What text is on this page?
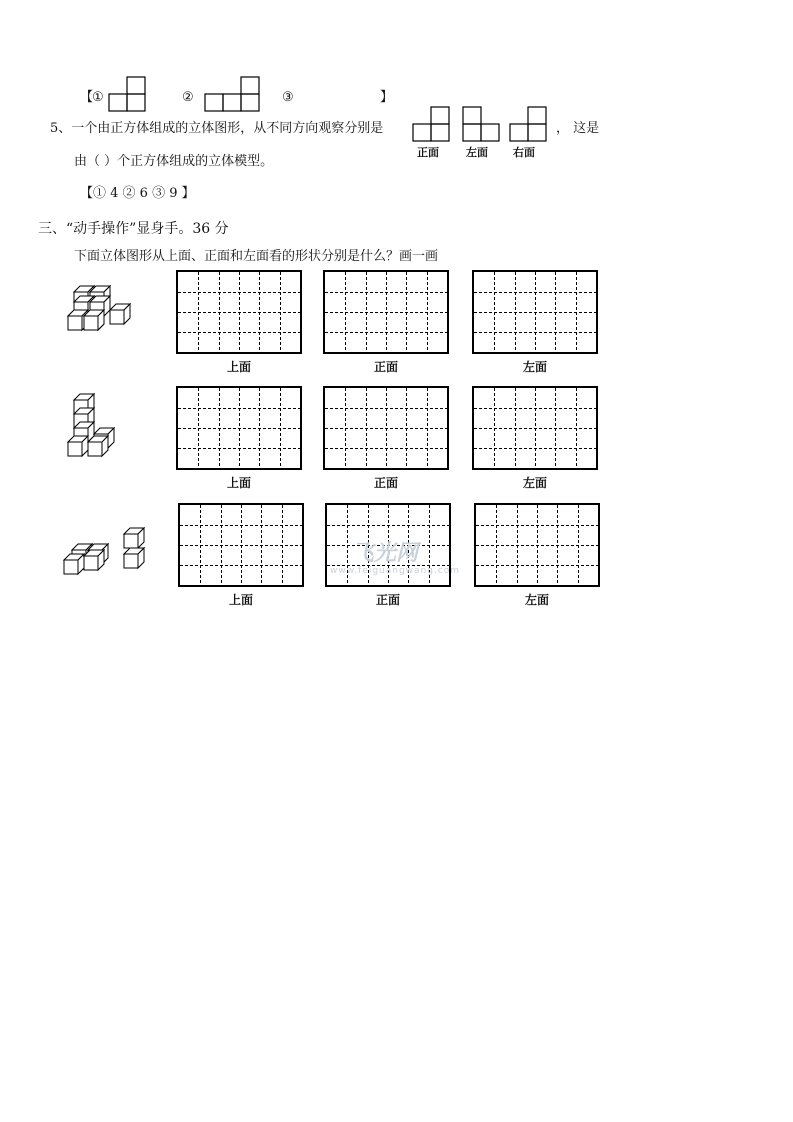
【
①	②	③	】
5、一个由正方体组成的立体图形，从不同方向观察分别是
正面 左面 右面
， 这是
由（ ）个正方体组成的立体模型。
【① 4 ② 6 ③ 9 】
三、“动手操作”显身手。36 分
下面立体图形从上面、正面和左面看的形状分别是什么？画一画
上面	正面	左面
上面	正面	左面
上面	正面	左面
飞光网
www.feiguangwang.com
